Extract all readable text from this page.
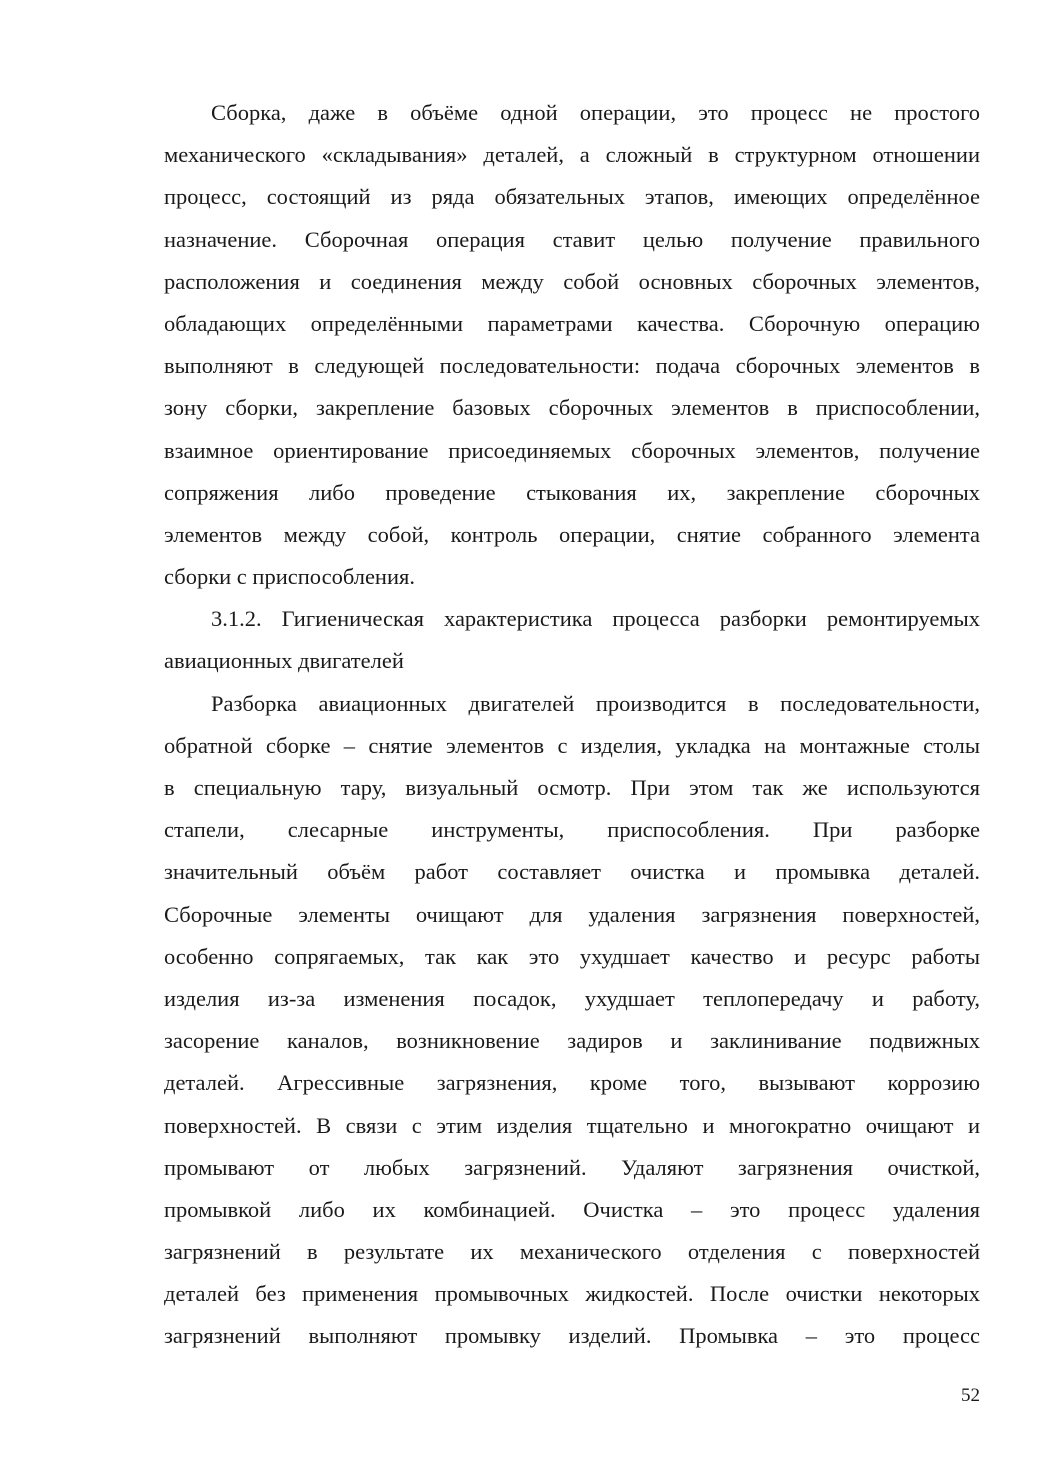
Сборка, даже в объёме одной операции, это процесс не простого
механического «складывания» деталей, а сложный в структурном отношении
процесс, состоящий из ряда обязательных этапов, имеющих определённое
назначение. Сборочная операция ставит целью получение правильного
расположения и соединения между собой основных сборочных элементов,
обладающих определёнными параметрами качества. Сборочную операцию
выполняют в следующей последовательности: подача сборочных элементов в
зону сборки, закрепление базовых сборочных элементов в приспособлении,
взаимное ориентирование присоединяемых сборочных элементов, получение
сопряжения либо проведение стыкования их, закрепление сборочных
элементов между собой, контроль операции, снятие собранного элемента
сборки с приспособления.
3.1.2. Гигиеническая характеристика процесса разборки ремонтируемых
авиационных двигателей
Разборка авиационных двигателей производится в последовательности,
обратной сборке – снятие элементов с изделия, укладка на монтажные столы
в специальную тару, визуальный осмотр. При этом так же используются
стапели, слесарные инструменты, приспособления. При разборке
значительный объём работ составляет очистка и промывка деталей.
Сборочные элементы очищают для удаления загрязнения поверхностей,
особенно сопрягаемых, так как это ухудшает качество и ресурс работы
изделия из-за изменения посадок, ухудшает теплопередачу и работу,
засорение каналов, возникновение задиров и заклинивание подвижных
деталей. Агрессивные загрязнения, кроме того, вызывают коррозию
поверхностей. В связи с этим изделия тщательно и многократно очищают и
промывают от любых загрязнений. Удаляют загрязнения очисткой,
промывкой либо их комбинацией. Очистка – это процесс удаления
загрязнений в результате их механического отделения с поверхностей
деталей без применения промывочных жидкостей. После очистки некоторых
загрязнений выполняют промывку изделий. Промывка – это процесс
52
